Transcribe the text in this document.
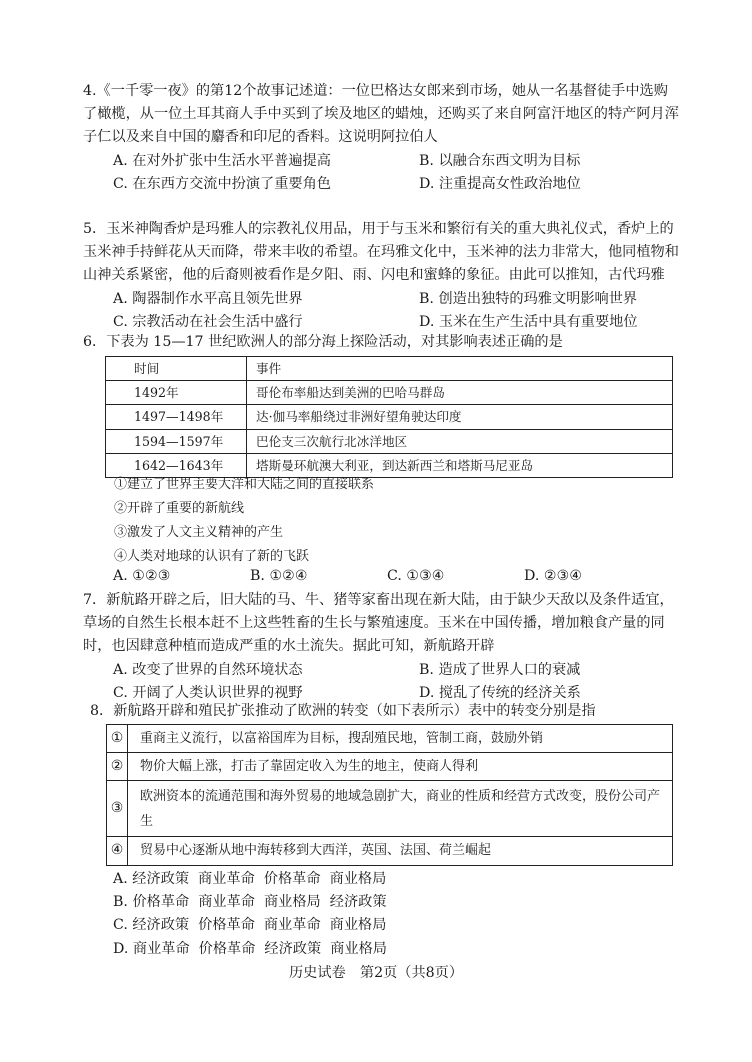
4.《一千零一夜》的第12个故事记述道：一位巴格达女郎来到市场，她从一名基督徒手中选购了橄榄，从一位土耳其商人手中买到了埃及地区的蜡烛，还购买了来自阿富汗地区的特产阿月浑子仁以及来自中国的麝香和印尼的香料。这说明阿拉伯人

A. 在对外扩张中生活水平普遍提高	B. 以融合东西文明为目标
C. 在东西方交流中扮演了重要角色	D. 注重提高女性政治地位

5．玉米神陶香炉是玛雅人的宗教礼仪用品，用于与玉米和繁衍有关的重大典礼仪式，香炉上的玉米神手持鲜花从天而降，带来丰收的希望。在玛雅文化中，玉米神的法力非常大，他同植物和山神关系紧密，他的后裔则被看作是夕阳、雨、闪电和蜜蜂的象征。由此可以推知，古代玛雅

A. 陶器制作水平高且领先世界	B. 创造出独特的玛雅文明影响世界
C. 宗教活动在社会生活中盛行	D. 玉米在生产生活中具有重要地位

6．下表为 15—17 世纪欧洲人的部分海上探险活动，对其影响表述正确的是

时间	事件
1492年	哥伦布率船达到美洲的巴哈马群岛
1497—1498年	达·伽马率船绕过非洲好望角驶达印度
1594—1597年	巴伦支三次航行北冰洋地区
1642—1643年	塔斯曼环航澳大利亚，到达新西兰和塔斯马尼亚岛
①建立了世界主要大洋和大陆之间的直接联系
②开辟了重要的新航线
③激发了人文主义精神的产生
④人类对地球的认识有了新的飞跃
A. ①②③	B. ①②④	C. ①③④	D. ②③④

7．新航路开辟之后，旧大陆的马、牛、猪等家畜出现在新大陆，由于缺少天敌以及条件适宜，草场的自然生长根本赶不上这些牲畜的生长与繁殖速度。玉米在中国传播，增加粮食产量的同时，也因肆意种植而造成严重的水土流失。据此可知，新航路开辟

A. 改变了世界的自然环境状态	B. 造成了世界人口的衰减
C. 开阔了人类认识世界的视野	D. 搅乱了传统的经济关系

8．新航路开辟和殖民扩张推动了欧洲的转变（如下表所示）表中的转变分别是指

①	重商主义流行，以富裕国库为目标，搜刮殖民地，管制工商，鼓励外销
②	物价大幅上涨，打击了靠固定收入为生的地主，使商人得利
③	欧洲资本的流通范围和海外贸易的地域急剧扩大，商业的性质和经营方式改变，股份公司产生
④	贸易中心逐渐从地中海转移到大西洋，英国、法国、荷兰崛起
A. 经济政策  商业革命  价格革命  商业格局
B. 价格革命  商业革命  商业格局  经济政策
C. 经济政策  价格革命  商业革命  商业格局
D. 商业革命  价格革命  经济政策  商业格局
历史试卷　第2页（共8页）
